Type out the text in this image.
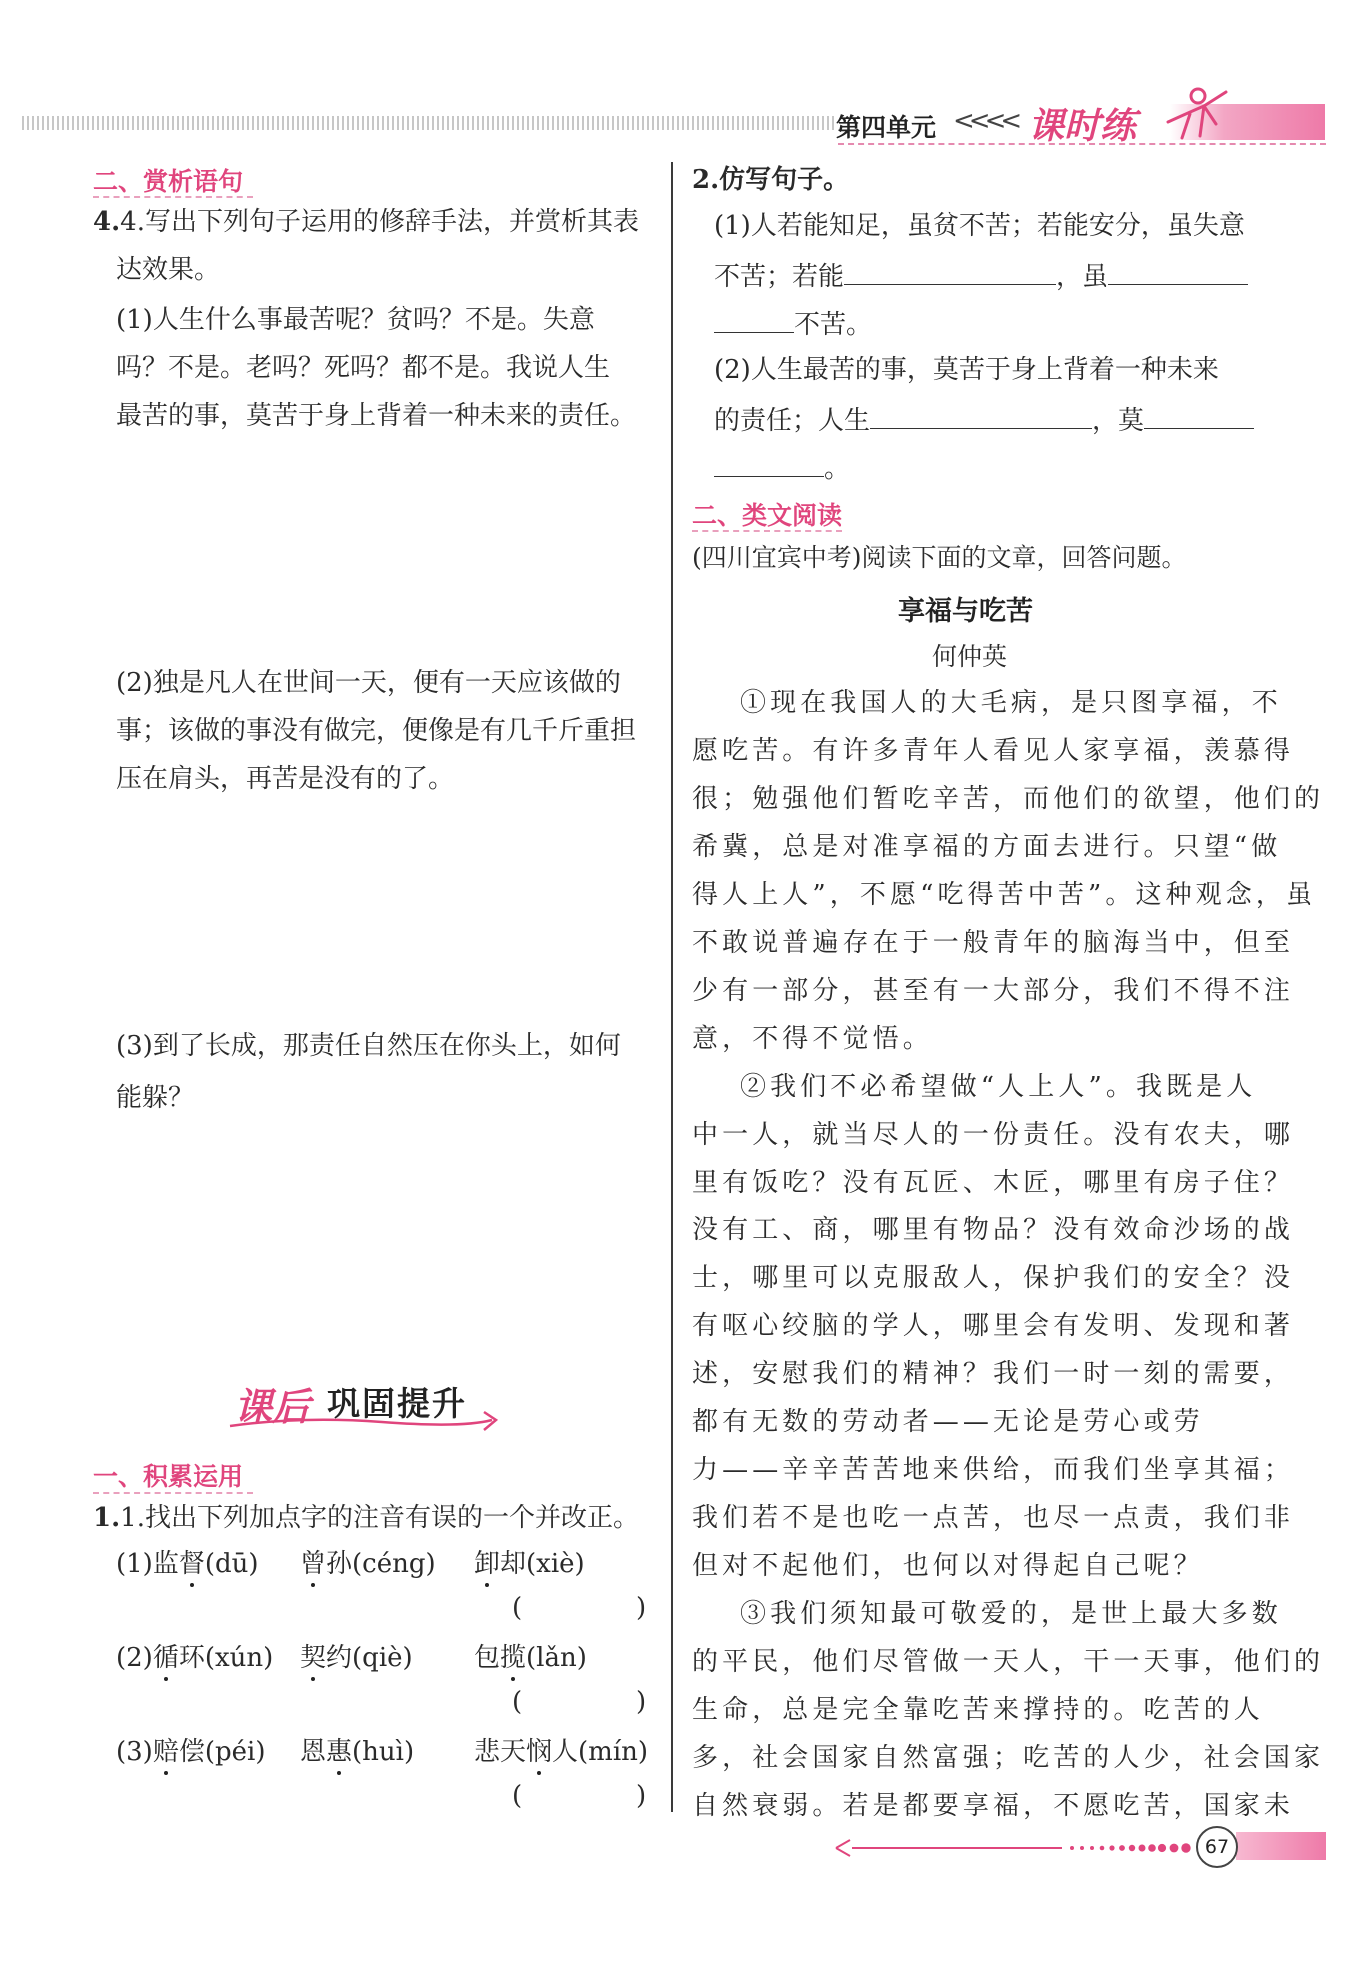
第四单元 <<<< 课时练
二、赏析语句
4.4.写出下列句子运用的修辞手法，并赏析其表
达效果。
(1)人生什么事最苦呢？贫吗？不是。失意
吗？不是。老吗？死吗？都不是。我说人生
最苦的事，莫苦于身上背着一种未来的责任。
(2)独是凡人在世间一天，便有一天应该做的
事；该做的事没有做完，便像是有几千斤重担
压在肩头，再苦是没有的了。
(3)到了长成，那责任自然压在你头上，如何
能躲？
课后 巩固提升
一、积累运用
1.1.找出下列加点字的注音有误的一个并改正。
(1)监督(dū) 曾孙(céng) 卸却(xiè)
(	)
(2)循环(xún) 契约(qiè) 包揽(lǎn)
(	)
(3)赔偿(péi) 恩惠(huì) 悲天悯人(mín)
(	)
2.仿写句子。
(1)人若能知足，虽贫不苦；若能安分，虽失意
不苦；若能	，虽
不苦。
(2)人生最苦的事，莫苦于身上背着一种未来
的责任；人生	，莫
。
二、类文阅读
(四川宜宾中考)阅读下面的文章，回答问题。
享福与吃苦
何仲英
①现在我国人的大毛病，是只图享福，不
愿吃苦。有许多青年人看见人家享福，羡慕得
很；勉强他们暂吃辛苦，而他们的欲望，他们的
希冀，总是对准享福的方面去进行。只望“做
得人上人”，不愿“吃得苦中苦”。这种观念，虽
不敢说普遍存在于一般青年的脑海当中，但至
少有一部分，甚至有一大部分，我们不得不注
意，不得不觉悟。
②我们不必希望做“人上人”。我既是人
中一人，就当尽人的一份责任。没有农夫，哪
里有饭吃？没有瓦匠、木匠，哪里有房子住？
没有工、商，哪里有物品？没有效命沙场的战
士，哪里可以克服敌人，保护我们的安全？没
有呕心绞脑的学人，哪里会有发明、发现和著
述，安慰我们的精神？我们一时一刻的需要，
都有无数的劳动者——无论是劳心或劳
力——辛辛苦苦地来供给，而我们坐享其福；
我们若不是也吃一点苦，也尽一点责，我们非
但对不起他们，也何以对得起自己呢？
③我们须知最可敬爱的，是世上最大多数
的平民，他们尽管做一天人，干一天事，他们的
生命，总是完全靠吃苦来撑持的。吃苦的人
多，社会国家自然富强；吃苦的人少，社会国家
自然衰弱。若是都要享福，不愿吃苦，国家未
67
